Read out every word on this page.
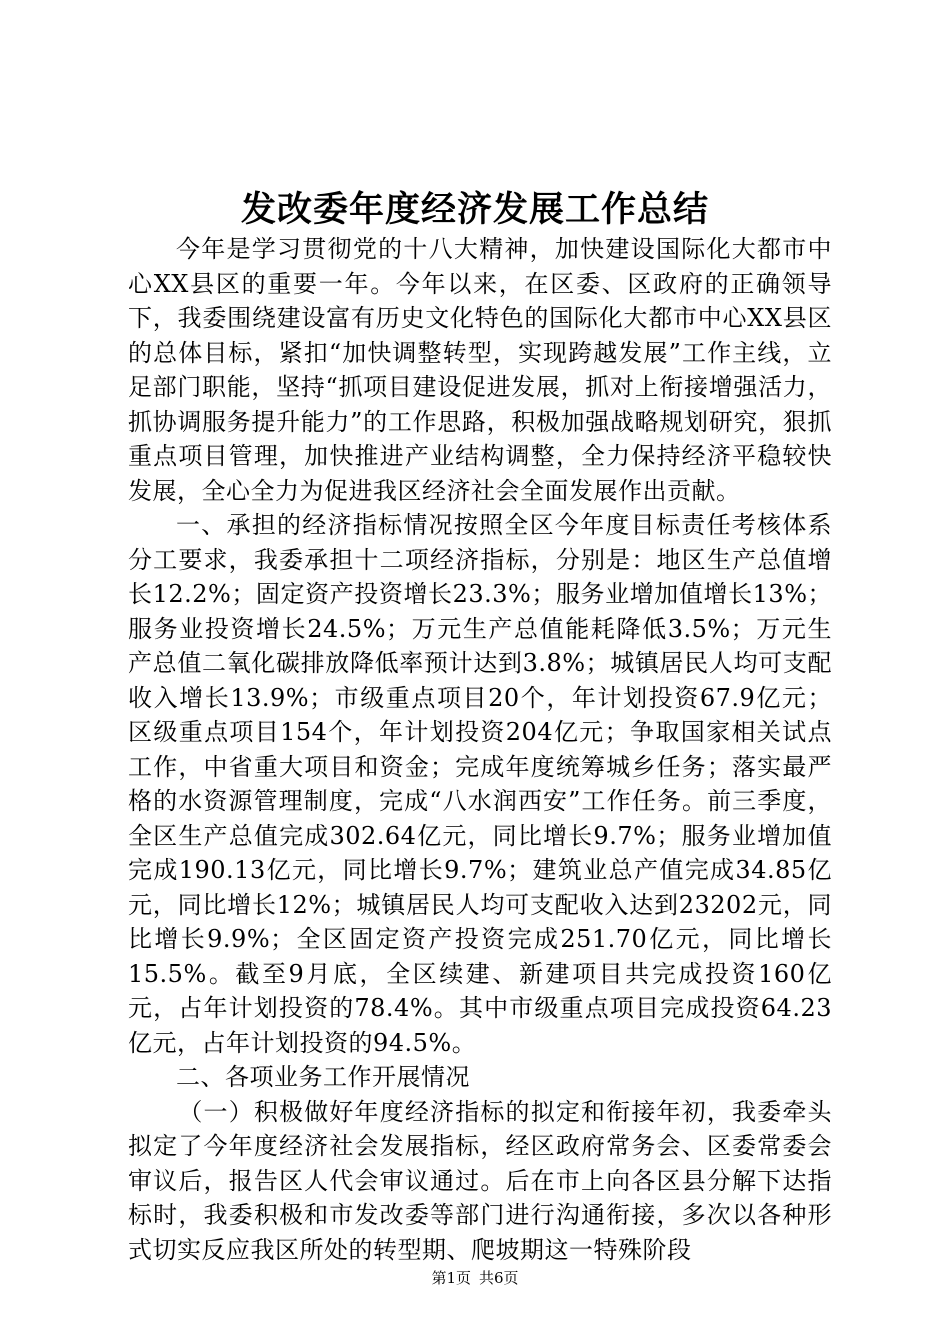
发改委年度经济发展工作总结

今年是学习贯彻党的十八大精神，加快建设国际化大都市中心XX县区的重要一年。今年以来，在区委、区政府的正确领导下，我委围绕建设富有历史文化特色的国际化大都市中心XX县区的总体目标，紧扣“加快调整转型，实现跨越发展”工作主线，立足部门职能，坚持“抓项目建设促进发展，抓对上衔接增强活力，抓协调服务提升能力”的工作思路，积极加强战略规划研究，狠抓重点项目管理，加快推进产业结构调整，全力保持经济平稳较快发展，全心全力为促进我区经济社会全面发展作出贡献。

一、承担的经济指标情况按照全区今年度目标责任考核体系分工要求，我委承担十二项经济指标，分别是：地区生产总值增长12.2%；固定资产投资增长23.3%；服务业增加值增长13%；服务业投资增长24.5%；万元生产总值能耗降低3.5%；万元生产总值二氧化碳排放降低率预计达到3.8%；城镇居民人均可支配收入增长13.9%；市级重点项目20个，年计划投资67.9亿元；区级重点项目154个，年计划投资204亿元；争取国家相关试点工作，中省重大项目和资金；完成年度统筹城乡任务；落实最严格的水资源管理制度，完成“八水润西安”工作任务。前三季度，全区生产总值完成302.64亿元，同比增长9.7%；服务业增加值完成190.13亿元，同比增长9.7%；建筑业总产值完成34.85亿元，同比增长12%；城镇居民人均可支配收入达到23202元，同比增长9.9%；全区固定资产投资完成251.70亿元，同比增长15.5%。截至9月底，全区续建、新建项目共完成投资160亿元，占年计划投资的78.4%。其中市级重点项目完成投资64.23亿元，占年计划投资的94.5%。

二、各项业务工作开展情况

（一）积极做好年度经济指标的拟定和衔接年初，我委牵头拟定了今年度经济社会发展指标，经区政府常务会、区委常委会审议后，报告区人代会审议通过。后在市上向各区县分解下达指标时，我委积极和市发改委等部门进行沟通衔接，多次以各种形式切实反应我区所处的转型期、爬坡期这一特殊阶段

第1页 共6页
